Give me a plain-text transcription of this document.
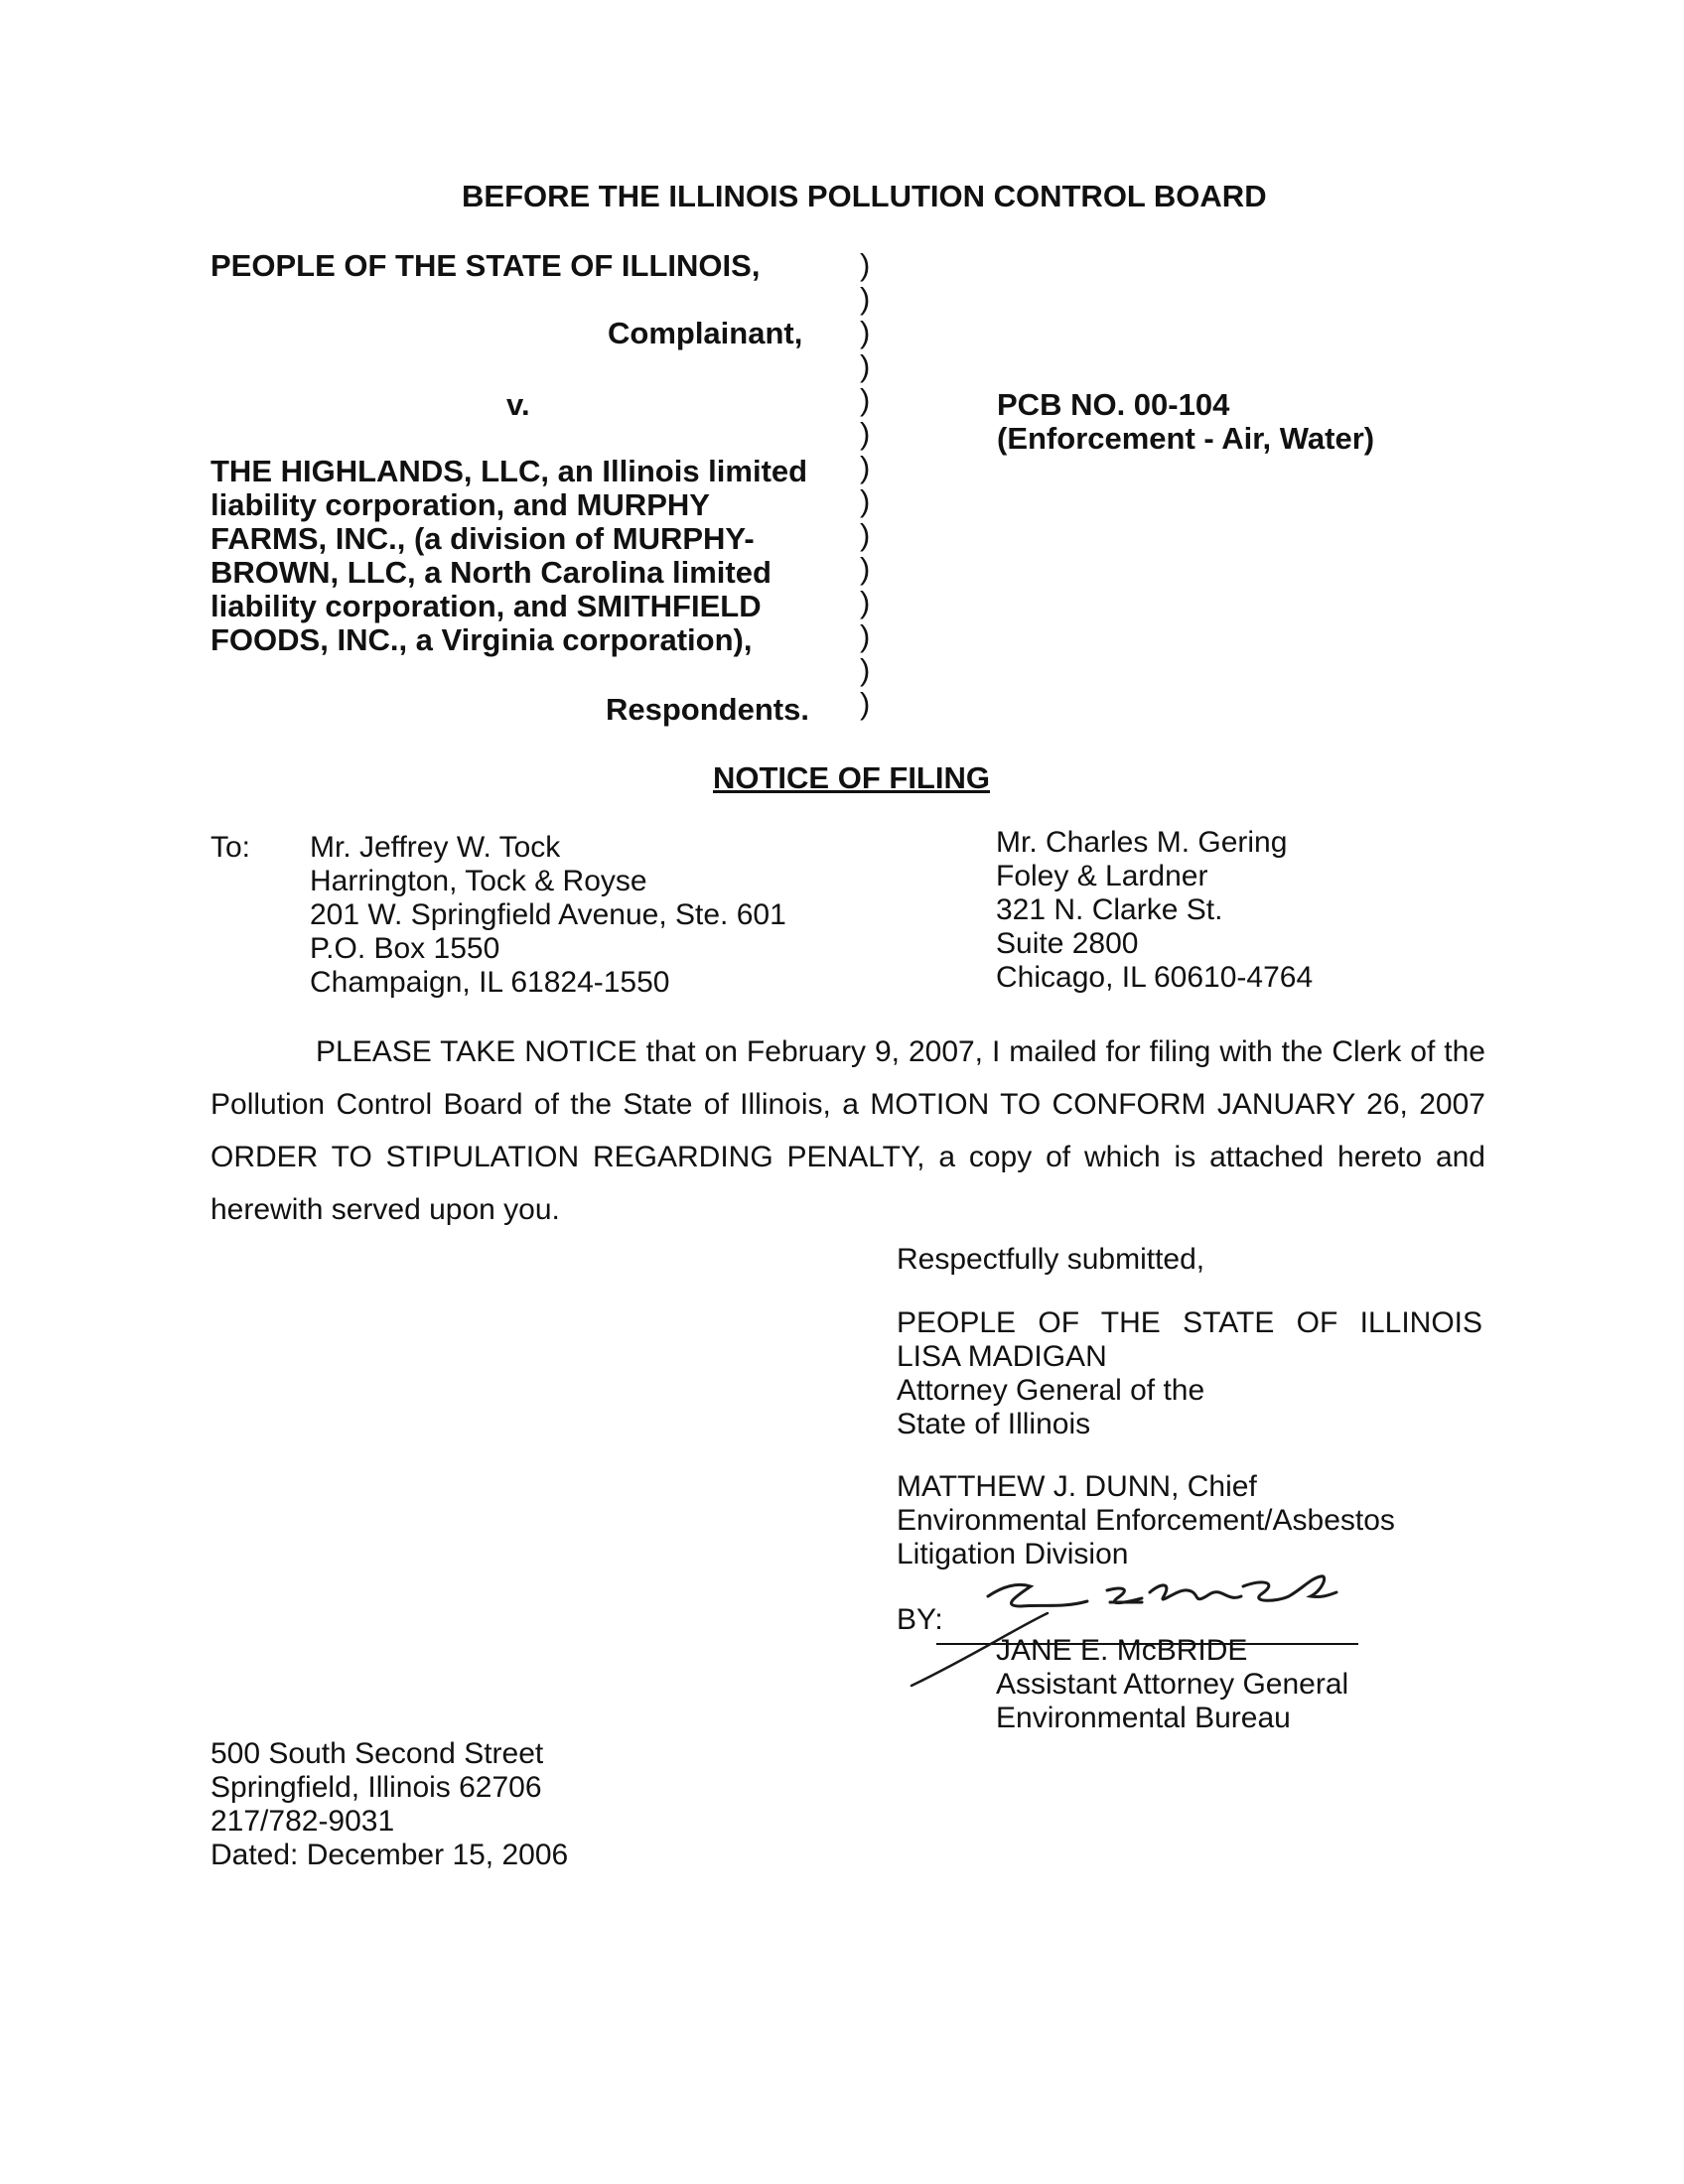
BEFORE THE ILLINOIS POLLUTION CONTROL BOARD
PEOPLE OF THE STATE OF ILLINOIS,
Complainant,
v.
THE HIGHLANDS, LLC, an Illinois limited
liability corporation, and MURPHY
FARMS, INC., (a division of MURPHY-
BROWN, LLC, a North Carolina limited
liability corporation, and SMITHFIELD
FOODS, INC., a Virginia corporation),
Respondents.
)
)
)
)
)
)
)
)
)
)
)
)
)
)
PCB NO. 00-104
(Enforcement - Air, Water)
NOTICE OF FILING
To: Mr. Jeffrey W. Tock
Harrington, Tock & Royse
201 W. Springfield Avenue, Ste. 601
P.O. Box 1550
Champaign, IL 61824-1550
Mr. Charles M. Gering
Foley & Lardner
321 N. Clarke St.
Suite 2800
Chicago, IL 60610-4764
PLEASE TAKE NOTICE that on February 9, 2007, I mailed for filing with the Clerk of the Pollution Control Board of the State of Illinois, a MOTION TO CONFORM JANUARY 26, 2007 ORDER TO STIPULATION REGARDING PENALTY, a copy of which is attached hereto and herewith served upon you.
Respectfully submitted,
PEOPLE OF THE STATE OF ILLINOIS
LISA MADIGAN
Attorney General of the
State of Illinois
MATTHEW J. DUNN, Chief
Environmental Enforcement/Asbestos
Litigation Division
BY:
JANE E. McBRIDE
Assistant Attorney General
Environmental Bureau
500 South Second Street
Springfield, Illinois 62706
217/782-9031
Dated: December 15, 2006
